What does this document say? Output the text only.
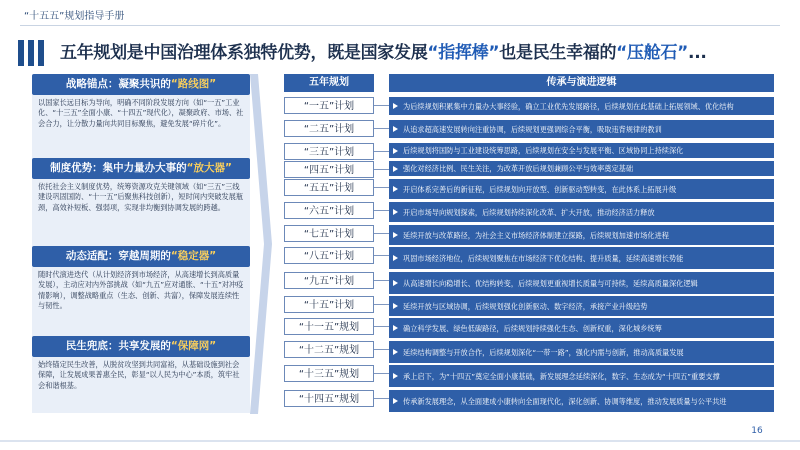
“十五五”规划指导手册
五年规划是中国治理体系独特优势，既是国家发展“指挥棒”也是民生幸福的“压舱石”...
战略锚点：凝聚共识的“路线图”
以国家长远目标为导向，明确不同阶段发展方向（如“一五”工业化、“十三五”全面小康、“十四五”现代化），凝聚政府、市场、社会合力，让分散力量向共同目标聚焦，避免发展“碎片化”。
制度优势：集中力量办大事的“放大器”
依托社会主义制度优势，统筹资源攻克关键领域（如“三五”三线建设巩固国防、“十一五”后聚焦科技创新），短时间内突破发展瓶颈，高效补短板、强弱项，实现非均衡到协调发展的跨越。
动态适配：穿越周期的“稳定器”
随时代演进迭代（从计划经济到市场经济，从高速增长到高质量发展），主动应对内外部挑战（如“九五”应对通胀、“十五”对冲疫情影响），调整战略重点（生态、创新、共富），保障发展连续性与韧性。
民生兜底：共享发展的“保障网”
始终锚定民生改善，从脱贫攻坚到共同富裕，从基础设施到社会保障，让发展成果普惠全民，彰显“以人民为中心”本质，筑牢社会和谐根基。
五年规划
“一五”计划
“二五”计划
“三五”计划
“四五”计划
“五五”计划
“六五”计划
“七五”计划
“八五”计划
“九五”计划
“十五”计划
“十一五”规划
“十二五”规划
“十三五”规划
“十四五”规划
传承与演进逻辑
为后续规划积累集中力量办大事经验，确立工业优先发展路径，后续规划在此基础上拓展领域、优化结构
从追求超高速发展转向注重协调，后续规划更强调综合平衡，吸取违背规律的教训
后续规划将国防与工业建设统筹思路，后续规划在安全与发展平衡、区域协同上持续深化
强化对经济比例、民生关注，为改革开放后规划兼顾公平与效率奠定基础
开启体系完善后的新征程，后续规划向开放型、创新驱动型转变，在此体系上拓展升级
开启市场导向规划探索，后续规划持续深化改革、扩大开放，推动经济活力释放
延续开放与改革路径，为社会主义市场经济体制建立探路，后续规划加速市场化进程
巩固市场经济地位，后续规划聚焦在市场经济下优化结构、提升质量，延续高速增长势能
从高速增长向稳增长、优结构转变，后续规划更重视增长质量与可持续，延续高质量深化逻辑
延续开放与区域协调，后续规划强化创新驱动、数字经济，承接产业升级趋势
确立科学发展、绿色低碳路径，后续规划持续强化生态、创新权重，深化城乡统筹
延续结构调整与开放合作，后续规划深化“一带一路”，强化内需与创新，推动高质量发展
承上启下，为“十四五”奠定全面小康基础，新发展理念延续深化，数字、生态成为“十四五”重要支撑
传承新发展理念，从全面建成小康转向全面现代化，深化创新、协调等维度，推动发展质量与公平共进
16
